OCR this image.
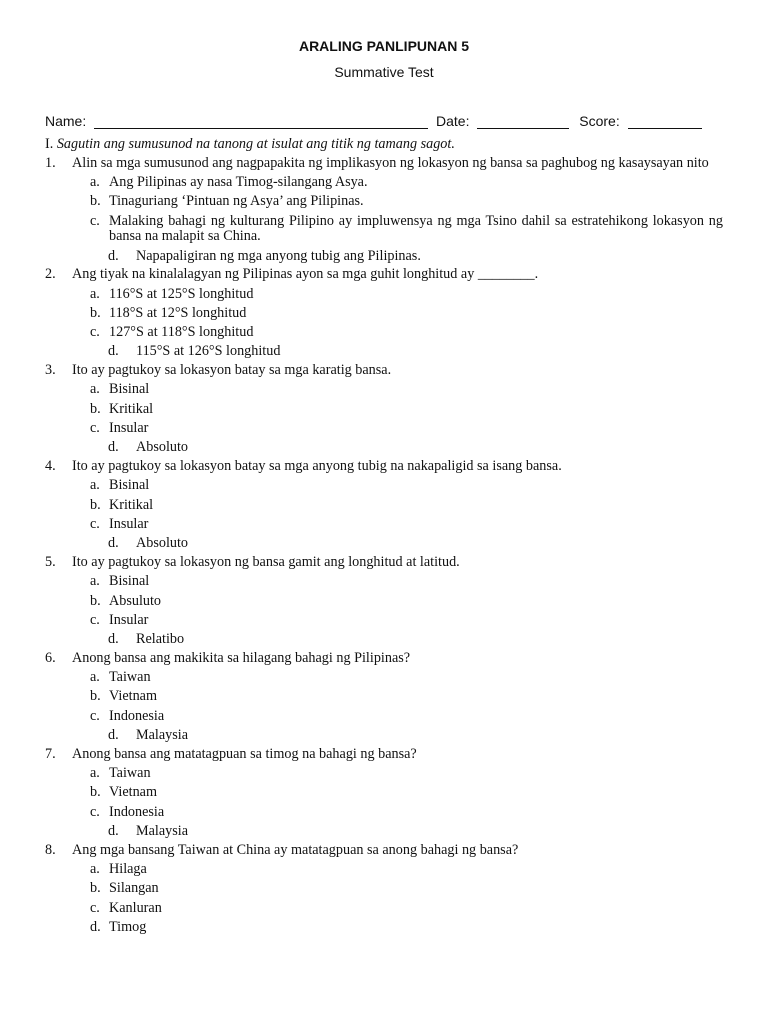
ARALING PANLIPUNAN 5
Summative Test
Name:	Date:	Score:
I. Sagutin ang sumusunod na tanong at isulat ang titik ng tamang sagot.
1.	Alin sa mga sumusunod ang nagpapakita ng implikasyon ng lokasyon ng bansa sa paghubog ng kasaysayan nito
a. Ang Pilipinas ay nasa Timog-silangang Asya.
b. Tinaguriang ‘Pintuan ng Asya’ ang Pilipinas.
c. Malaking bahagi ng kulturang Pilipino ay impluwensya ng mga Tsino dahil sa estratehikong lokasyon ng bansa na malapit sa China.
d.	Napapaligiran ng mga anyong tubig ang Pilipinas.
2.	Ang tiyak na kinalalagyan ng Pilipinas ayon sa mga guhit longhitud ay ________.
a. 116°S at 125°S longhitud
b. 118°S at 12°S longhitud
c. 127°S at 118°S longhitud
d.	115°S at 126°S longhitud
3.	Ito ay pagtukoy sa lokasyon batay sa mga karatig bansa.
a. Bisinal
b. Kritikal
c. Insular
d.	Absoluto
4.	Ito ay pagtukoy sa lokasyon batay sa mga anyong tubig na nakapaligid sa isang bansa.
a. Bisinal
b. Kritikal
c. Insular
d.	Absoluto
5.	Ito ay pagtukoy sa lokasyon ng bansa gamit ang longhitud at latitud.
a. Bisinal
b. Absuluto
c. Insular
d.	Relatibo
6.	Anong bansa ang makikita sa hilagang bahagi ng Pilipinas?
a. Taiwan
b. Vietnam
c. Indonesia
d.	Malaysia
7.	Anong bansa ang matatagpuan sa timog na bahagi ng bansa?
a. Taiwan
b. Vietnam
c. Indonesia
d.	Malaysia
8.	Ang mga bansang Taiwan at China ay matatagpuan sa anong bahagi ng bansa?
a. Hilaga
b. Silangan
c. Kanluran
d. Timog
